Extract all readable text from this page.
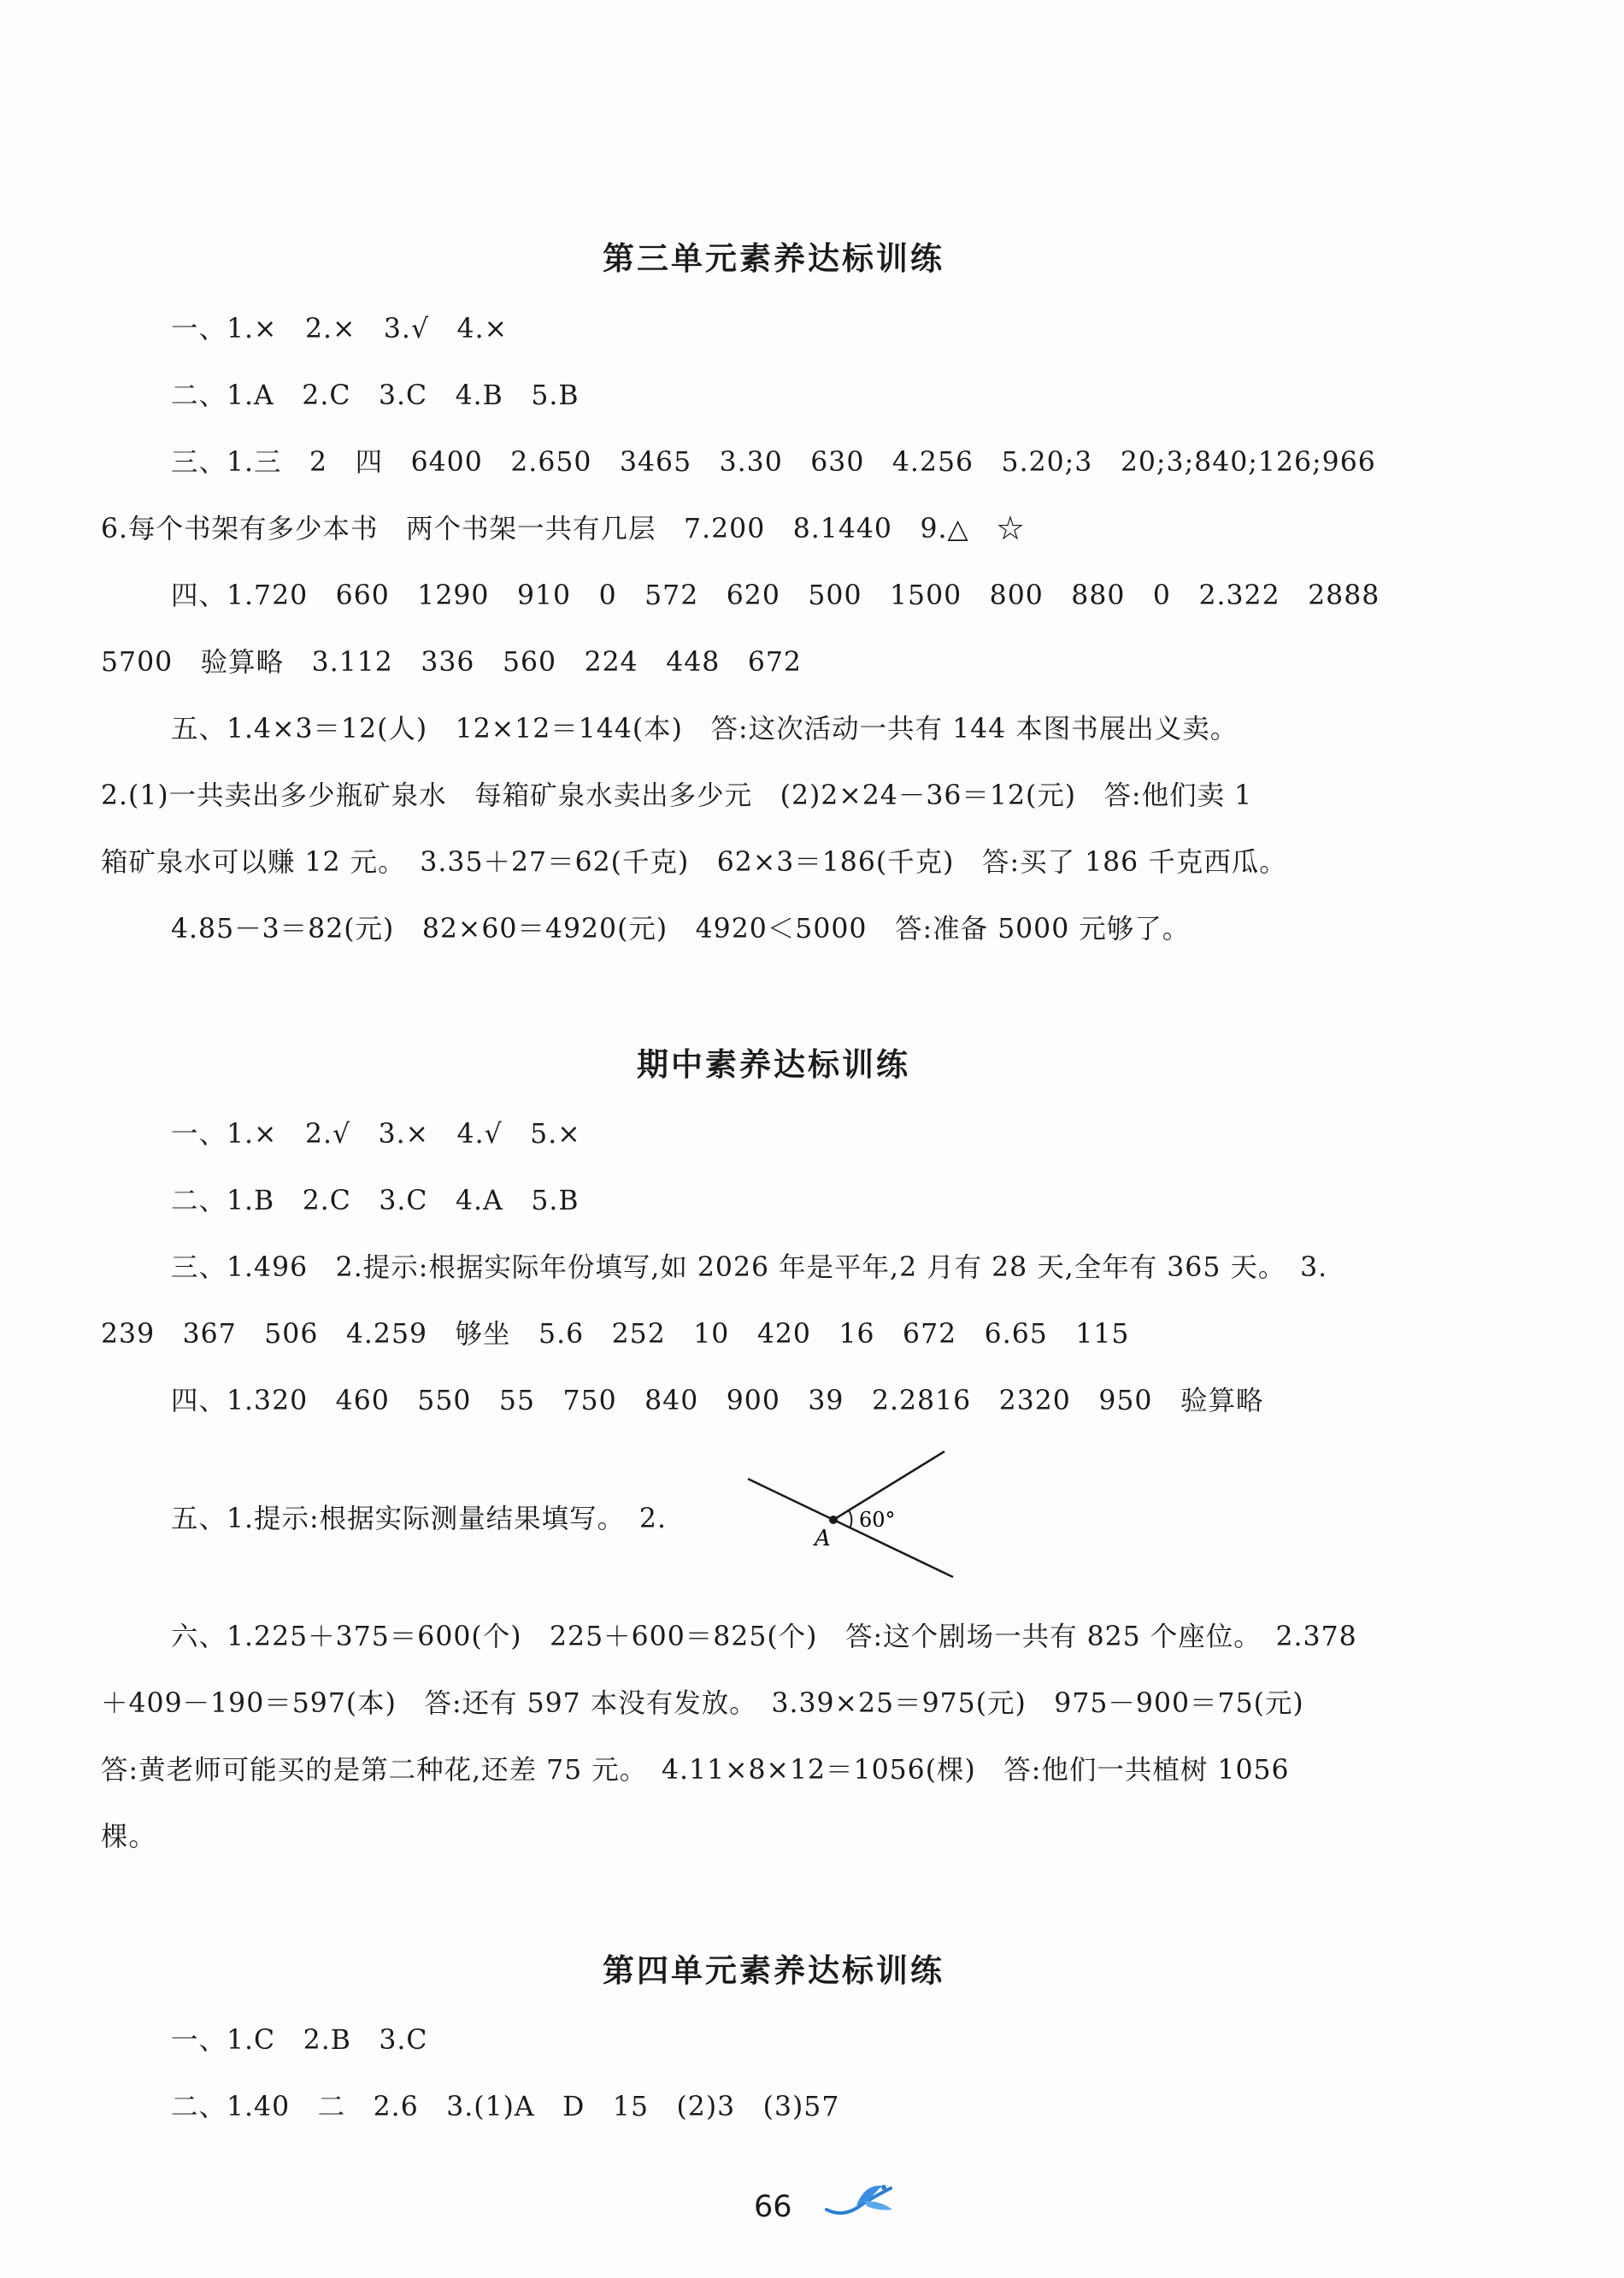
第三单元素养达标训练
一、1.×　2.×　3.√　4.×
二、1.A　2.C　3.C　4.B　5.B
三、1.三　2　四　6400　2.650　3465　3.30　630　4.256　5.20;3　20;3;840;126;966
6.每个书架有多少本书　两个书架一共有几层　7.200　8.1440　9.△　☆
四、1.720　660　1290　910　0　572　620　500　1500　800　880　0　2.322　2888
5700　验算略　3.112　336　560　224　448　672
五、1.4×3＝12(人)　12×12＝144(本)　答:这次活动一共有 144 本图书展出义卖。
2.(1)一共卖出多少瓶矿泉水　每箱矿泉水卖出多少元　(2)2×24－36＝12(元)　答:他们卖 1
箱矿泉水可以赚 12 元。　3.35＋27＝62(千克)　62×3＝186(千克)　答:买了 186 千克西瓜。
4.85－3＝82(元)　82×60＝4920(元)　4920＜5000　答:准备 5000 元够了。
期中素养达标训练
一、1.×　2.√　3.×　4.√　5.×
二、1.B　2.C　3.C　4.A　5.B
三、1.496　2.提示:根据实际年份填写,如 2026 年是平年,2 月有 28 天,全年有 365 天。　3.
239　367　506　4.259　够坐　5.6　252　10　420　16　672　6.65　115
四、1.320　460　550　55　750　840　900　39　2.2816　2320　950　验算略
五、1.提示:根据实际测量结果填写。　2.
A
60°
六、1.225＋375＝600(个)　225＋600＝825(个)　答:这个剧场一共有 825 个座位。　2.378
＋409－190＝597(本)　答:还有 597 本没有发放。　3.39×25＝975(元)　975－900＝75(元)
答:黄老师可能买的是第二种花,还差 75 元。　4.11×8×12＝1056(棵)　答:他们一共植树 1056
棵。
第四单元素养达标训练
一、1.C　2.B　3.C
二、1.40　二　2.6　3.(1)A　D　15　(2)3　(3)57
66
